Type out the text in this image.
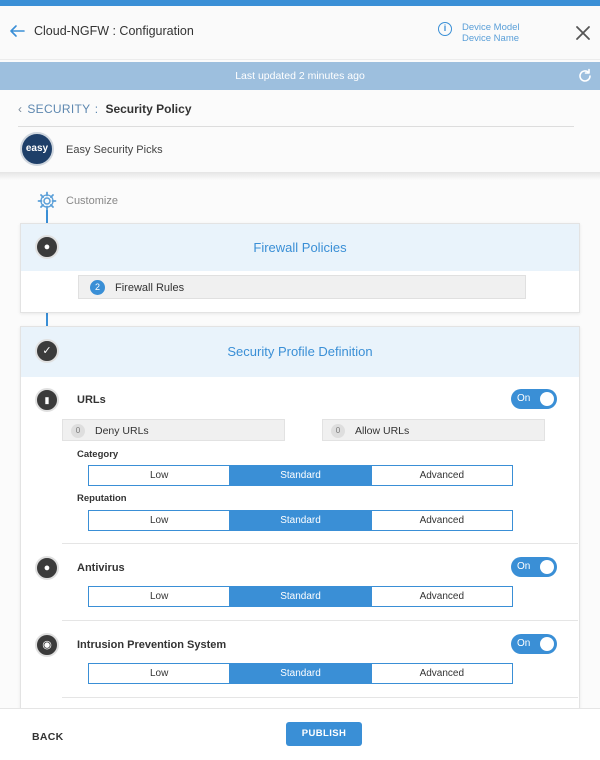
Cloud-NGFW : Configuration	i	Device Model
Device Name
Last updated 2 minutes ago
‹ SECURITY : Security Policy
easy	Easy Security Picks
Customize
Firewall Policies
●
2	Firewall Rules
Security Profile Definition
✓
▮	URLs	On
0	Deny URLs	0	Allow URLs
Category
Low	Standard	Advanced
Reputation
Low	Standard	Advanced
●	Antivirus	On
Low	Standard	Advanced
◉	Intrusion Prevention System	On
Low	Standard	Advanced
BACK	PUBLISH
